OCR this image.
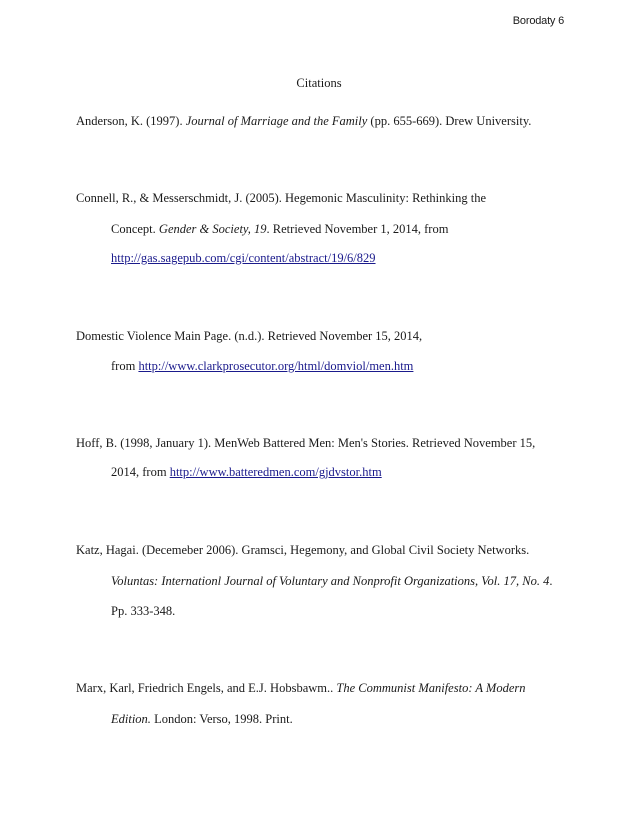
Borodaty 6
Citations
Anderson, K. (1997). Journal of Marriage and the Family (pp. 655-669). Drew University.
Connell, R., & Messerschmidt, J. (2005). Hegemonic Masculinity: Rethinking the
Concept. Gender & Society, 19. Retrieved November 1, 2014, from
http://gas.sagepub.com/cgi/content/abstract/19/6/829
Domestic Violence Main Page. (n.d.). Retrieved November 15, 2014,
from http://www.clarkprosecutor.org/html/domviol/men.htm
Hoff, B. (1998, January 1). MenWeb Battered Men: Men's Stories. Retrieved November 15,
2014, from http://www.batteredmen.com/gjdvstor.htm
Katz, Hagai. (Decemeber 2006). Gramsci, Hegemony, and Global Civil Society Networks.
Voluntas: Internationl Journal of Voluntary and Nonprofit Organizations, Vol. 17, No. 4.
Pp. 333-348.
Marx, Karl, Friedrich Engels, and E.J. Hobsbawm.. The Communist Manifesto: A Modern
Edition. London: Verso, 1998. Print.
